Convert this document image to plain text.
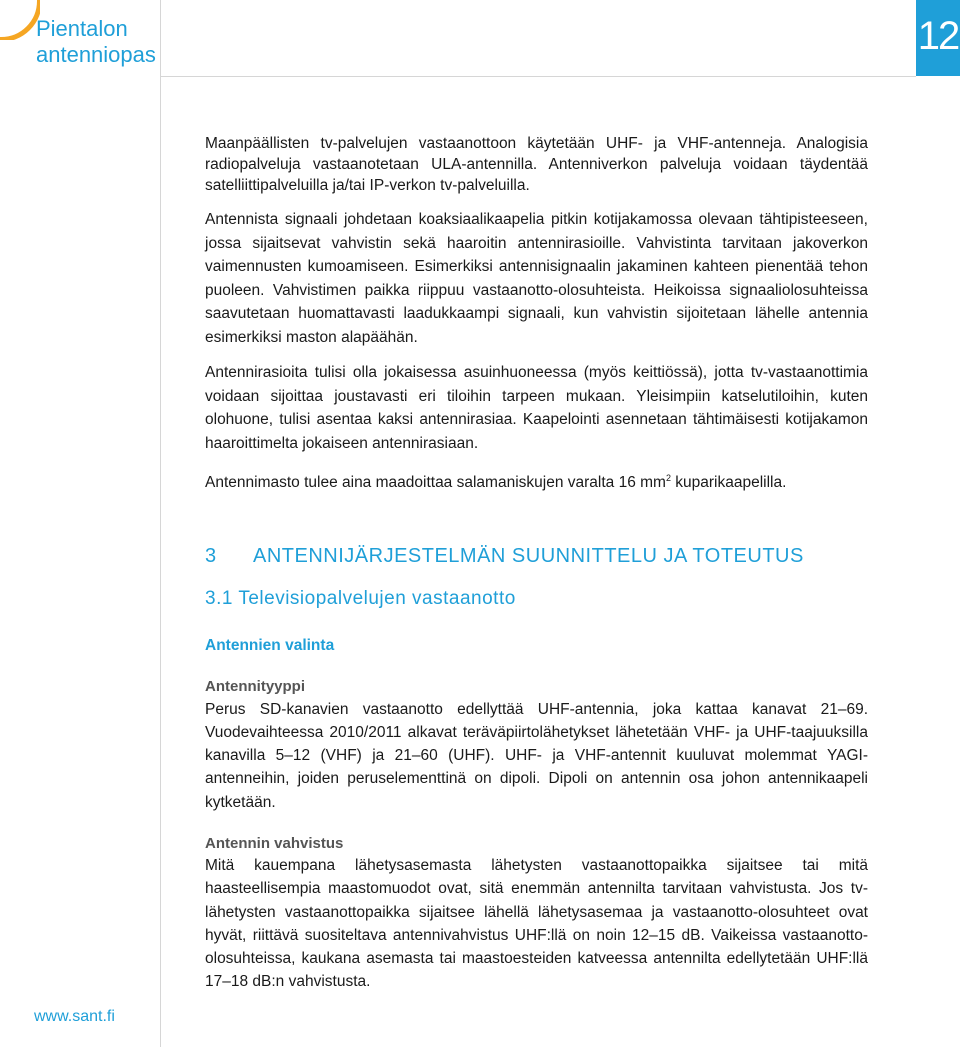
Pientalon
antenniopas	12

Maanpäällisten tv-palvelujen vastaanottoon käytetään UHF- ja VHF-antenneja. Analogisia radiopalveluja vastaanotetaan ULA-antennilla. Antenniverkon palveluja voidaan täydentää satelliittipalveluilla ja/tai IP-verkon tv-palveluilla.

Antennista signaali johdetaan koaksiaalikaapelia pitkin kotijakamossa olevaan tähtipisteeseen, jossa sijaitsevat vahvistin sekä haaroitin antennirasioille. Vahvistinta tarvitaan jakoverkon vaimennusten kumoamiseen. Esimerkiksi antennisignaalin jakaminen kahteen pienentää tehon puoleen. Vahvistimen paikka riippuu vastaanotto-olosuhteista. Heikoissa signaaliolosuhteissa saavutetaan huomattavasti laadukkaampi signaali, kun vahvistin sijoitetaan lähelle antennia esimerkiksi maston alapäähän.

Antennirasioita tulisi olla jokaisessa asuinhuoneessa (myös keittiössä), jotta tv-vastaanottimia voidaan sijoittaa joustavasti eri tiloihin tarpeen mukaan. Yleisimpiin katselutiloihin, kuten olohuone, tulisi asentaa kaksi antennirasiaa. Kaapelointi asennetaan tähtimäisesti kotijakamon haaroittimelta jokaiseen antennirasiaan.

Antennimasto tulee aina maadoittaa salamaniskujen varalta 16 $mm^2$ kuparikaapelilla.

3	ANTENNIJÄRJESTELMÄN SUUNNITTELU JA TOTEUTUS
3.1 Televisiopalvelujen vastaanotto
Antennien valinta
Antennityyppi

Perus SD-kanavien vastaanotto edellyttää UHF-antennia, joka kattaa kanavat 21–69. Vuodevaihteessa 2010/2011 alkavat teräväpiirtolähetykset lähetetään VHF- ja UHF-taajuuksilla kanavilla 5–12 (VHF) ja 21–60 (UHF). UHF- ja VHF-antennit kuuluvat molemmat YAGI-antenneihin, joiden peruselementtinä on dipoli. Dipoli on antennin osa johon antennikaapeli kytketään.

Antennin vahvistus

Mitä kauempana lähetysasemasta lähetysten vastaanottopaikka sijaitsee tai mitä haasteellisempia maastomuodot ovat, sitä enemmän antennilta tarvitaan vahvistusta. Jos tv-lähetysten vastaanottopaikka sijaitsee lähellä lähetysasemaa ja vastaanotto-olosuhteet ovat hyvät, riittävä suositeltava antennivahvistus UHF:llä on noin 12–15 dB. Vaikeissa vastaanotto-olosuhteissa, kaukana asemasta tai maastoesteiden katveessa antennilta edellytetään UHF:llä 17–18 dB:n vahvistusta.

www.sant.fi
